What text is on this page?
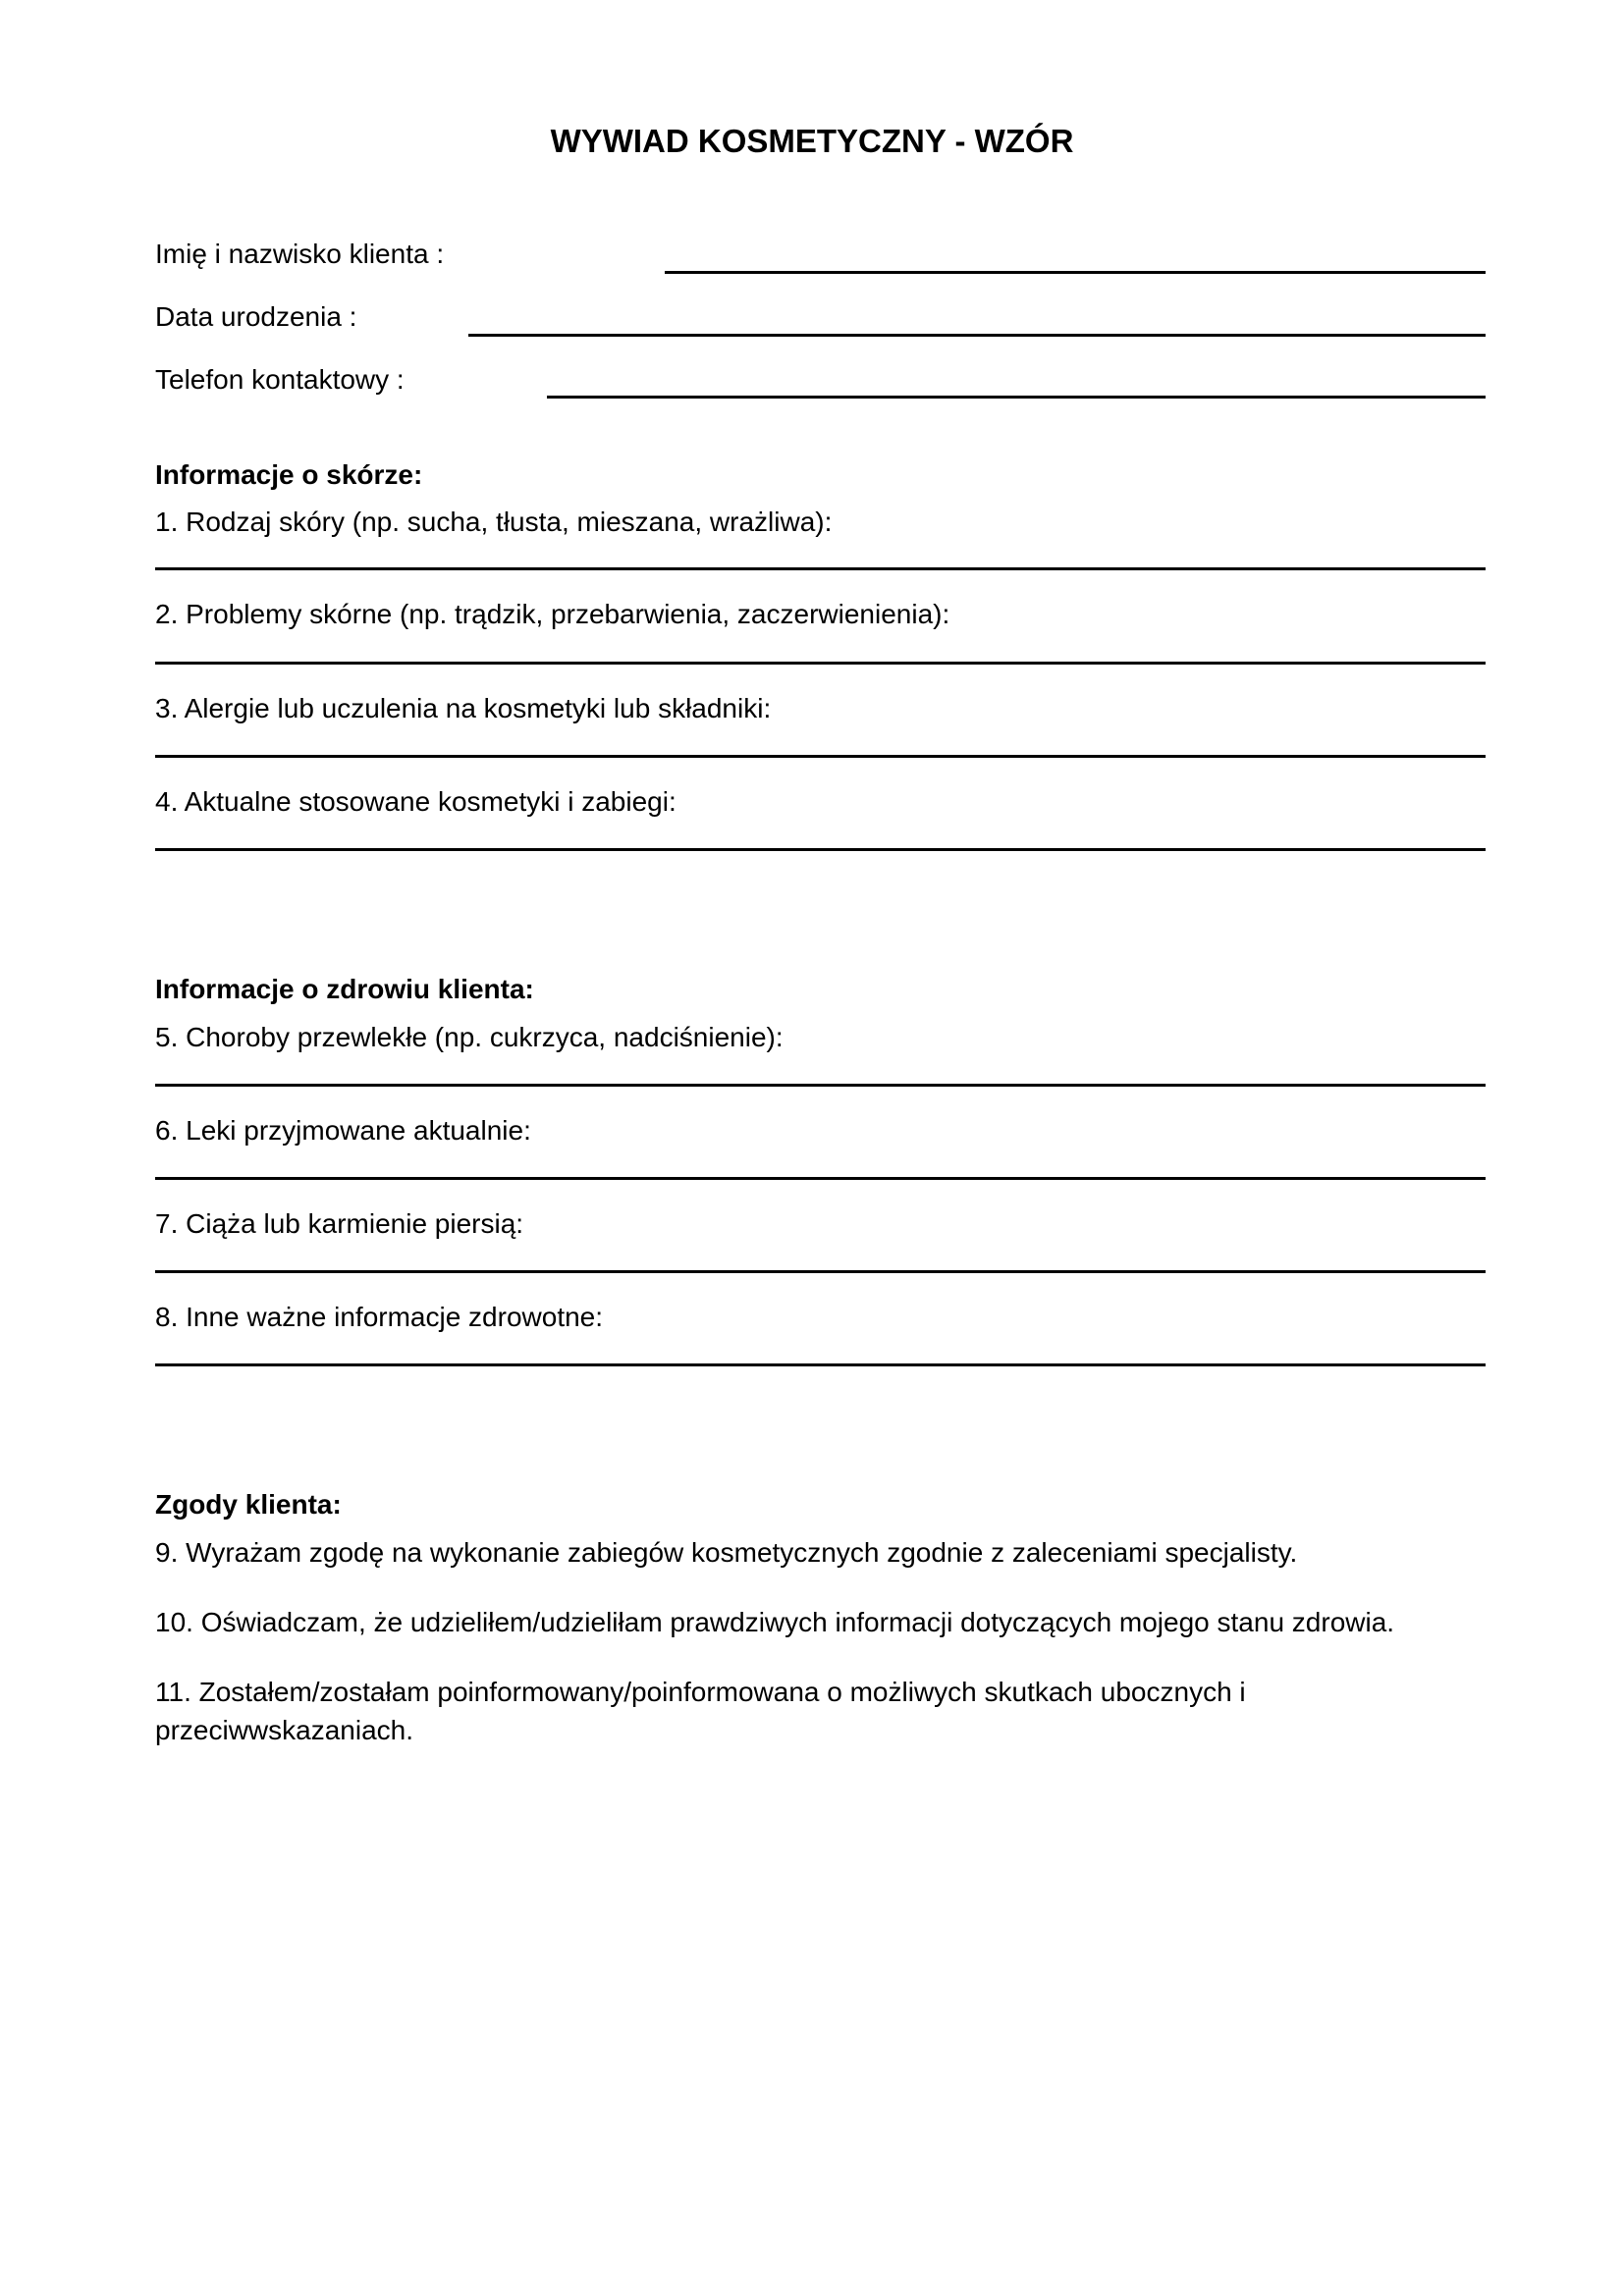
WYWIAD KOSMETYCZNY - WZÓR
Imię i nazwisko klienta :
Data urodzenia :
Telefon kontaktowy :
Informacje o skórze:
1. Rodzaj skóry (np. sucha, tłusta, mieszana, wrażliwa):
2. Problemy skórne (np. trądzik, przebarwienia, zaczerwienienia):
3. Alergie lub uczulenia na kosmetyki lub składniki:
4. Aktualne stosowane kosmetyki i zabiegi:
Informacje o zdrowiu klienta:
5. Choroby przewlekłe (np. cukrzyca, nadciśnienie):
6. Leki przyjmowane aktualnie:
7. Ciąża lub karmienie piersią:
8. Inne ważne informacje zdrowotne:
Zgody klienta:
9. Wyrażam zgodę na wykonanie zabiegów kosmetycznych zgodnie z zaleceniami specjalisty.
10. Oświadczam, że udzieliłem/udzieliłam prawdziwych informacji dotyczących mojego stanu zdrowia.
11. Zostałem/zostałam poinformowany/poinformowana o możliwych skutkach ubocznych i
przeciwwskazaniach.
